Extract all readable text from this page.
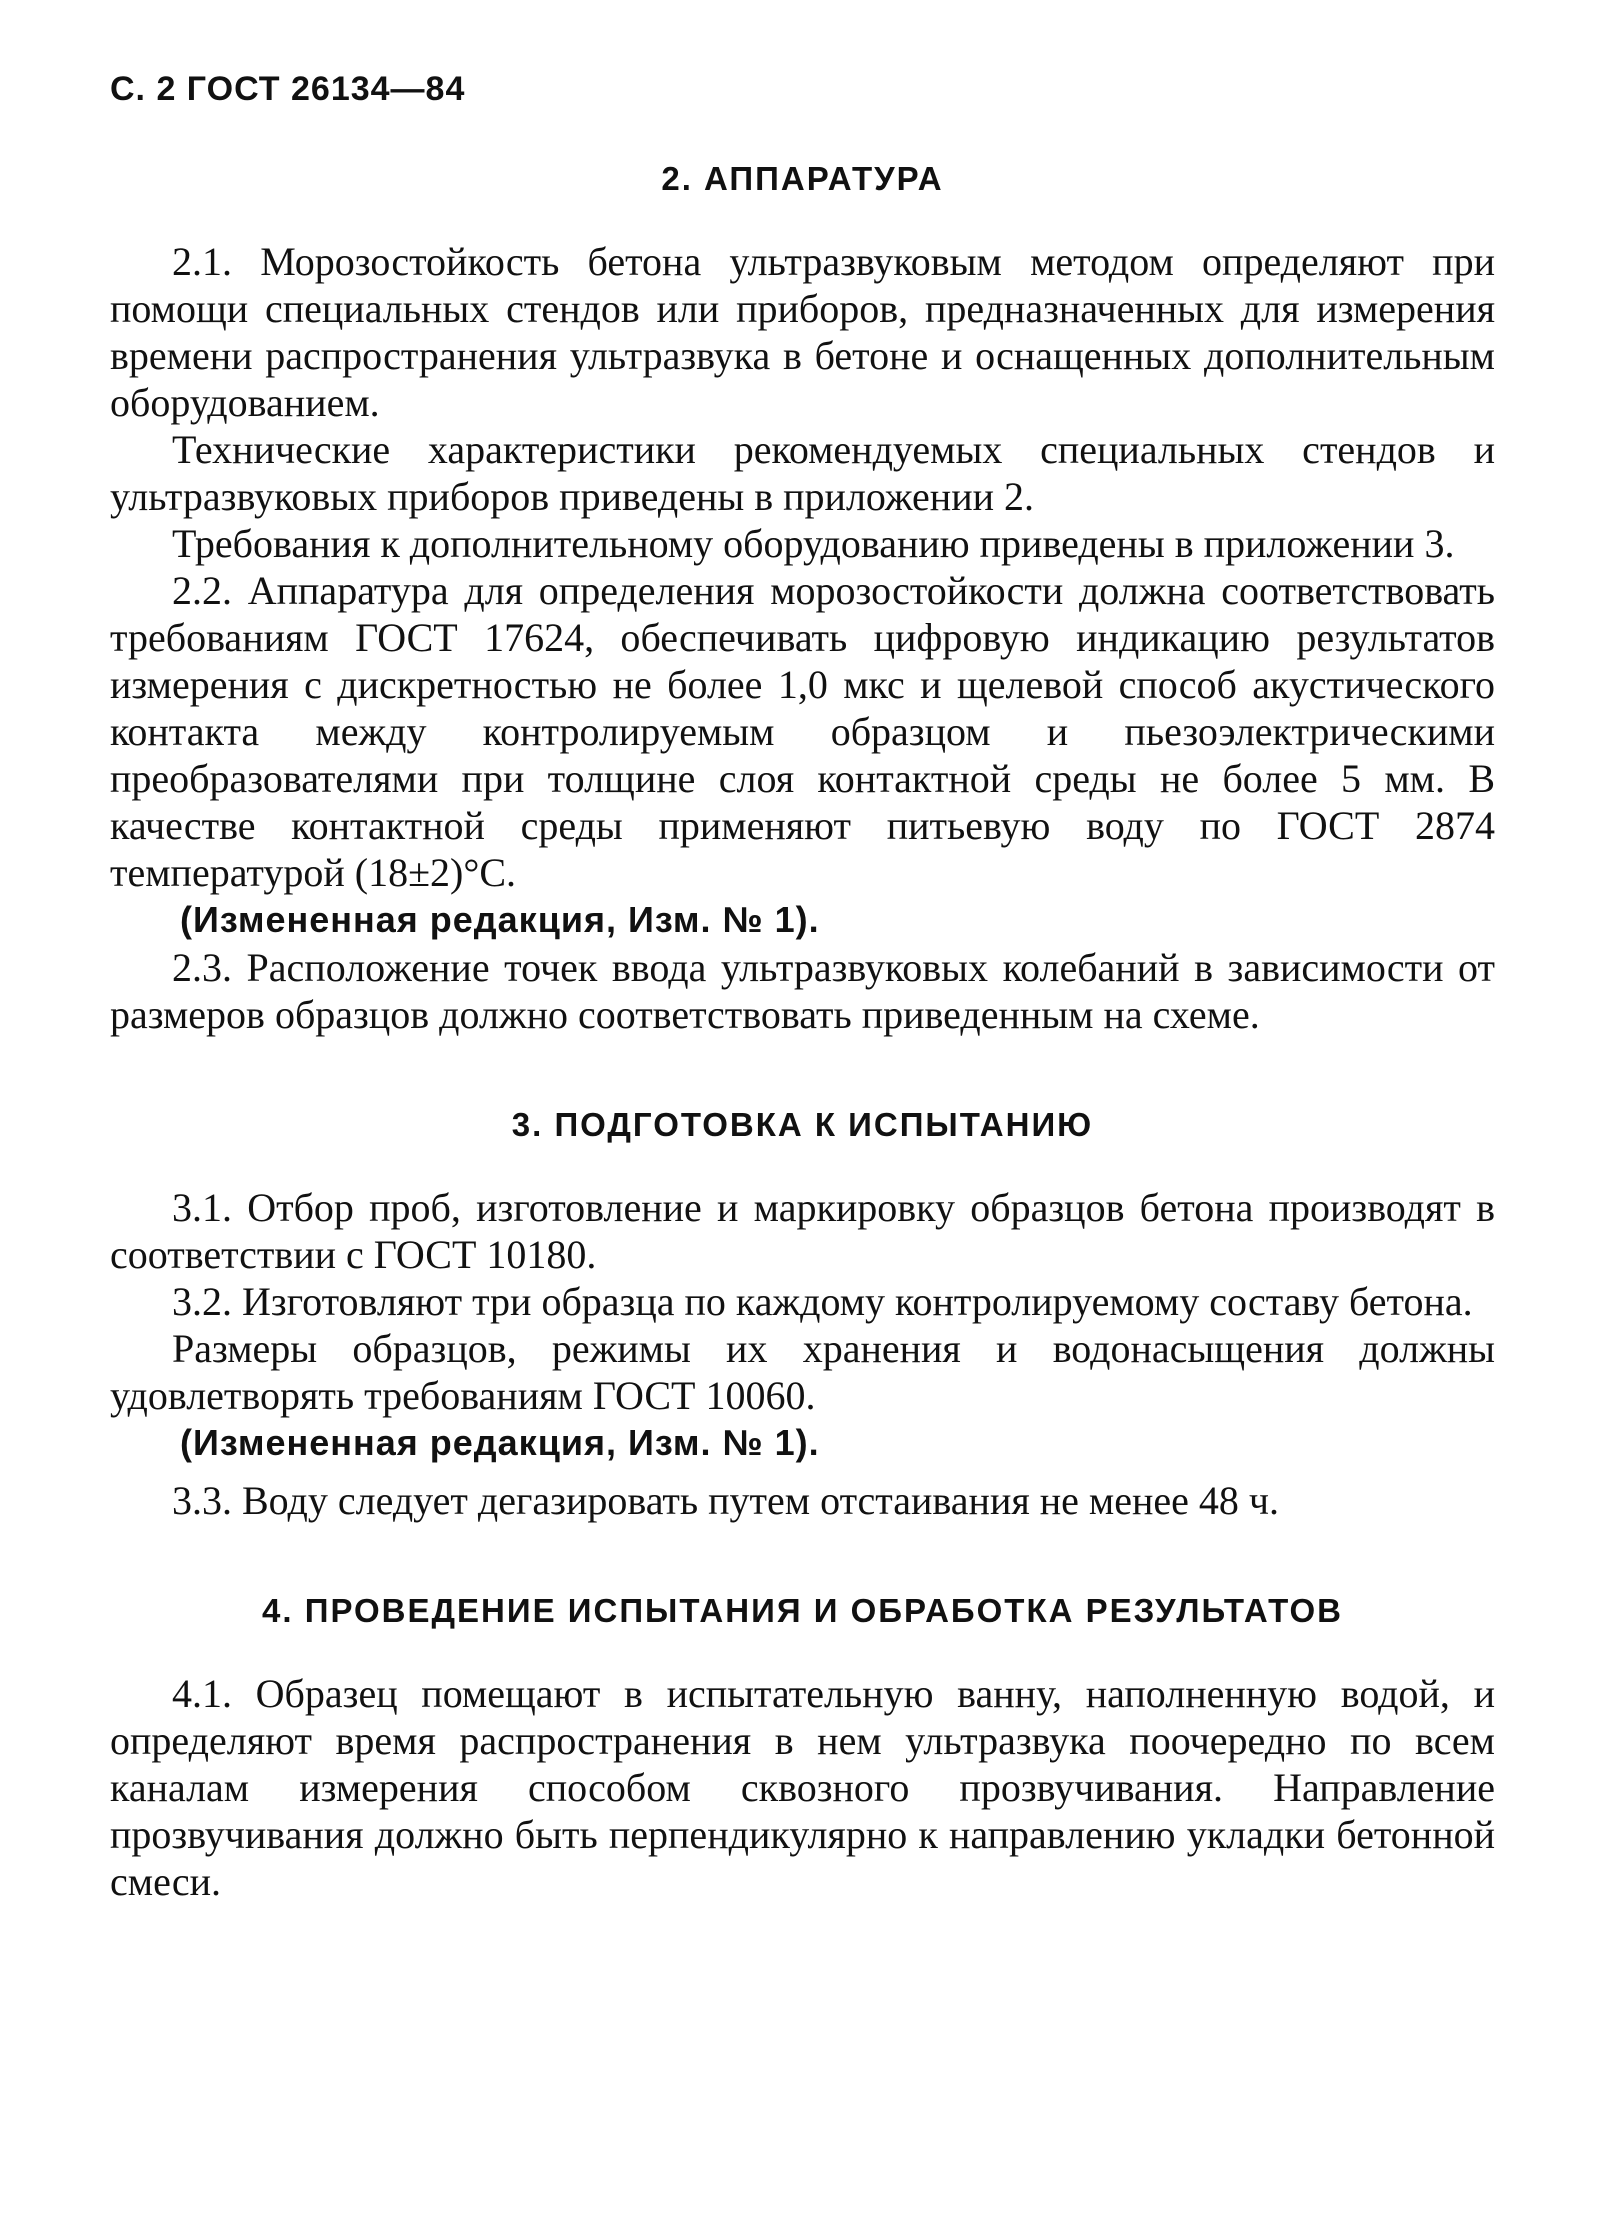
С. 2 ГОСТ 26134—84
2. АППАРАТУРА

2.1. Морозостойкость бетона ультразвуковым методом определяют при помощи специальных стендов или приборов, предназначенных для измерения времени распространения ультразвука в бетоне и оснащенных дополнительным оборудованием.

Технические характеристики рекомендуемых специальных стендов и ультразвуковых приборов приведены в приложении 2.

Требования к дополнительному оборудованию приведены в приложении 3.

2.2. Аппаратура для определения морозостойкости должна соответствовать требованиям ГОСТ 17624, обеспечивать цифровую индикацию результатов измерения с дискретностью не более 1,0 мкс и щелевой способ акустического контакта между контролируемым образцом и пьезоэлектрическими преобразователями при толщине слоя контактной среды не более 5 мм. В качестве контактной среды применяют питьевую воду по ГОСТ 2874 температурой (18±2)°С.

(Измененная редакция, Изм. № 1).

2.3. Расположение точек ввода ультразвуковых колебаний в зависимости от размеров образцов должно соответствовать приведенным на схеме.

3. ПОДГОТОВКА К ИСПЫТАНИЮ

3.1. Отбор проб, изготовление и маркировку образцов бетона производят в соответствии с ГОСТ 10180.

3.2. Изготовляют три образца по каждому контролируемому составу бетона.

Размеры образцов, режимы их хранения и водонасыщения должны удовлетворять требованиям ГОСТ 10060.

(Измененная редакция, Изм. № 1).

3.3. Воду следует дегазировать путем отстаивания не менее 48 ч.

4. ПРОВЕДЕНИЕ ИСПЫТАНИЯ И ОБРАБОТКА РЕЗУЛЬТАТОВ

4.1. Образец помещают в испытательную ванну, наполненную водой, и определяют время распространения в нем ультразвука поочередно по всем каналам измерения способом сквозного прозвучивания. Направление прозвучивания должно быть перпендикулярно к направлению укладки бетонной смеси.
